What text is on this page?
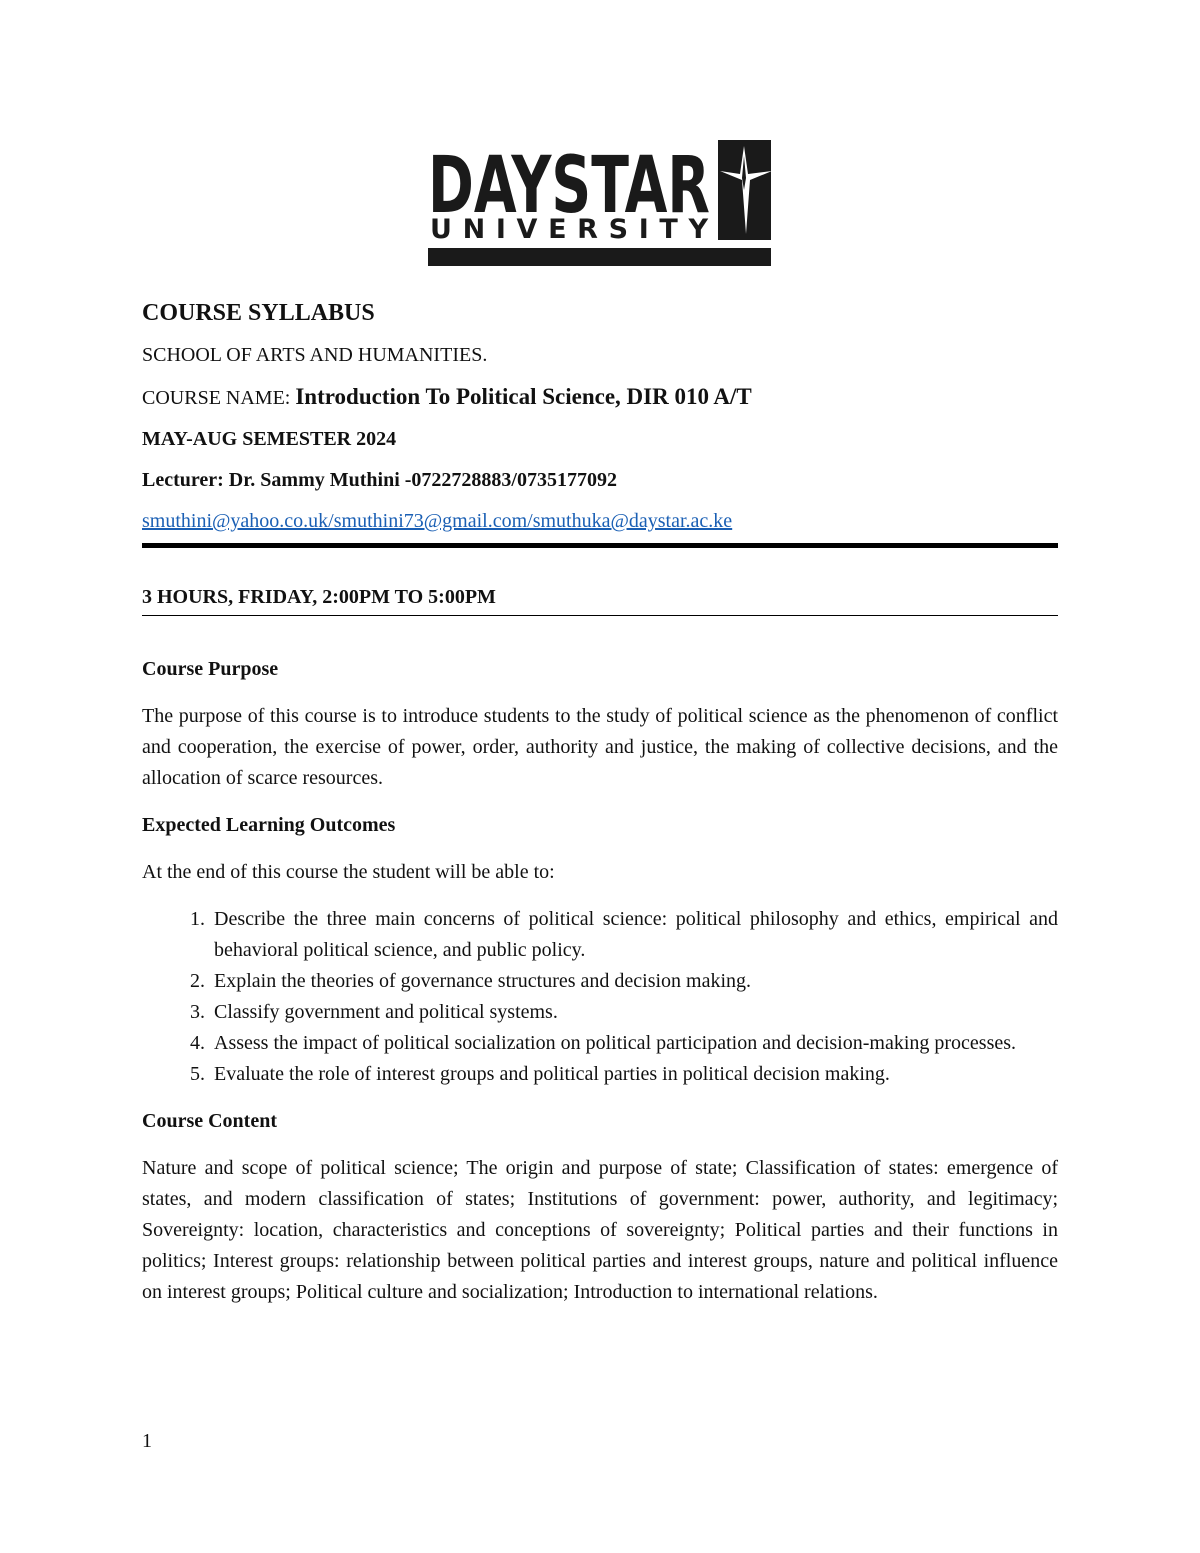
DAYSTAR
UNIVERSITY
COURSE SYLLABUS
SCHOOL OF ARTS AND HUMANITIES.
COURSE NAME: Introduction To Political Science, DIR 010 A/T
MAY-AUG SEMESTER 2024
Lecturer: Dr. Sammy Muthini -0722728883/0735177092
smuthini@yahoo.co.uk/smuthini73@gmail.com/smuthuka@daystar.ac.ke
3 HOURS, FRIDAY, 2:00PM TO 5:00PM
Course Purpose
The purpose of this course is to introduce students to the study of political science as the phenomenon of conflict and cooperation, the exercise of power, order, authority and justice, the making of collective decisions, and the allocation of scarce resources.
Expected Learning Outcomes
At the end of this course the student will be able to:
1. Describe the three main concerns of political science: political philosophy and ethics, empirical and behavioral political science, and public policy.
2. Explain the theories of governance structures and decision making.
3. Classify government and political systems.
4. Assess the impact of political socialization on political participation and decision-making processes.
5. Evaluate the role of interest groups and political parties in political decision making.
Course Content
Nature and scope of political science; The origin and purpose of state; Classification of states: emergence of states, and modern classification of states; Institutions of government: power, authority, and legitimacy; Sovereignty: location, characteristics and conceptions of sovereignty; Political parties and their functions in politics; Interest groups: relationship between political parties and interest groups, nature and political influence on interest groups; Political culture and socialization; Introduction to international relations.
1
